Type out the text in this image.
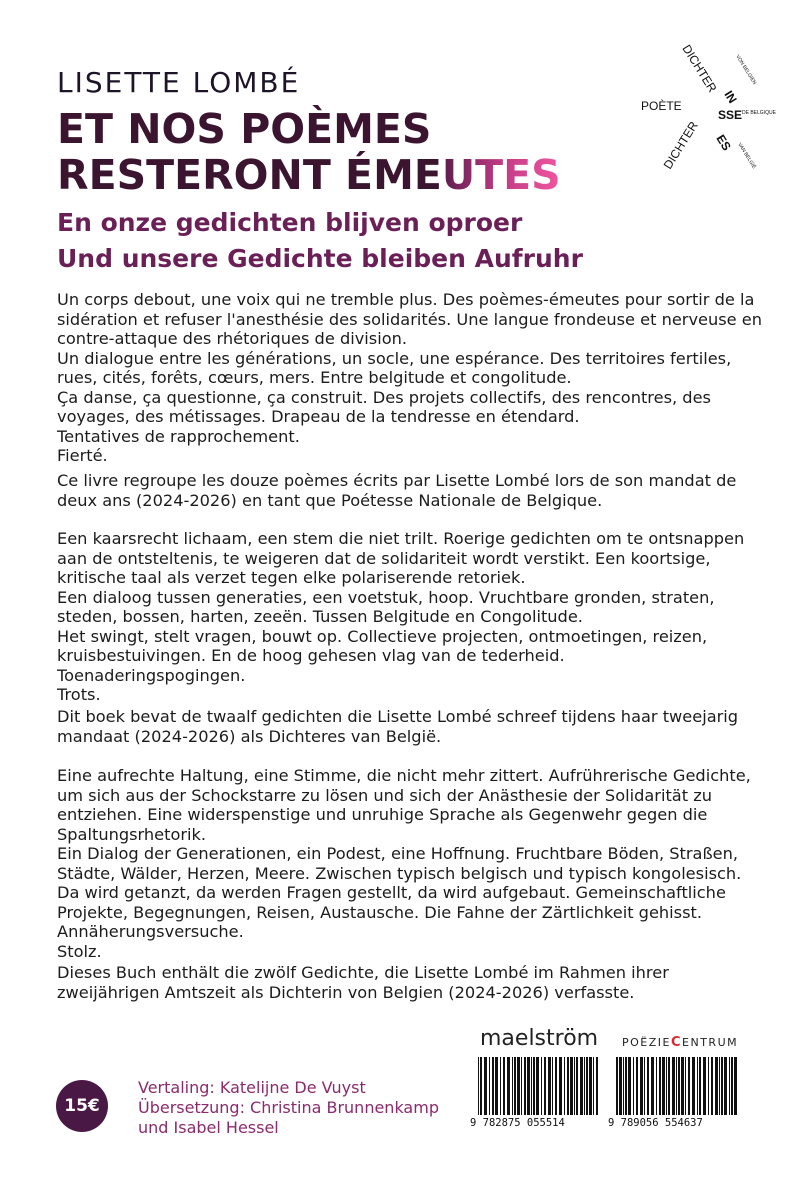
LISETTE LOMBÉ
ET NOS POÈMES
RESTERONT ÉMEUTES
En onze gedichten blijven oproer
Und unsere Gedichte bleiben Aufruhr
DICHTER
IN
VON BELGIEN
POÈTE
SSE DE BELGIQUE
DICHTER ES VAN BELGIË

Un corps debout, une voix qui ne tremble plus. Des poèmes-émeutes pour sortir de la sidération et refuser l'anesthésie des solidarités. Une langue frondeuse et nerveuse en contre-attaque des rhétoriques de division.

Un dialogue entre les générations, un socle, une espérance. Des territoires fertiles, rues, cités, forêts, cœurs, mers. Entre belgitude et congolitude.

Ça danse, ça questionne, ça construit. Des projets collectifs, des rencontres, des voyages, des métissages. Drapeau de la tendresse en étendard.

Tentatives de rapprochement.

Fierté.

Ce livre regroupe les douze poèmes écrits par Lisette Lombé lors de son mandat de deux ans (2024-2026) en tant que Poétesse Nationale de Belgique.

Een kaarsrecht lichaam, een stem die niet trilt. Roerige gedichten om te ontsnappen aan de ontsteltenis, te weigeren dat de solidariteit wordt verstikt. Een koortsige, kritische taal als verzet tegen elke polariserende retoriek.

Een dialoog tussen generaties, een voetstuk, hoop. Vruchtbare gronden, straten, steden, bossen, harten, zeeën. Tussen Belgitude en Congolitude.

Het swingt, stelt vragen, bouwt op. Collectieve projecten, ontmoetingen, reizen, kruisbestuivingen. En de hoog gehesen vlag van de tederheid.

Toenaderingspogingen.

Trots.

Dit boek bevat de twaalf gedichten die Lisette Lombé schreef tijdens haar tweejarig mandaat (2024-2026) als Dichteres van België.

Eine aufrechte Haltung, eine Stimme, die nicht mehr zittert. Aufrührerische Gedichte, um sich aus der Schockstarre zu lösen und sich der Anästhesie der Solidarität zu entziehen. Eine widerspenstige und unruhige Sprache als Gegenwehr gegen die Spaltungsrhetorik.

Ein Dialog der Generationen, ein Podest, eine Hoffnung. Fruchtbare Böden, Straßen, Städte, Wälder, Herzen, Meere. Zwischen typisch belgisch und typisch kongolesisch.

Da wird getanzt, da werden Fragen gestellt, da wird aufgebaut. Gemeinschaftliche Projekte, Begegnungen, Reisen, Austausche. Die Fahne der Zärtlichkeit gehisst.

Annäherungsversuche.

Stolz.

Dieses Buch enthält die zwölf Gedichte, die Lisette Lombé im Rahmen ihrer zweijährigen Amtszeit als Dichterin von Belgien (2024-2026) verfasste.
15€
Vertaling: Katelijne De Vuyst
Übersetzung: Christina Brunnenkamp
und Isabel Hessel
maelström POËZIECENTRUM
9 782875 055514	9 789056 554637
